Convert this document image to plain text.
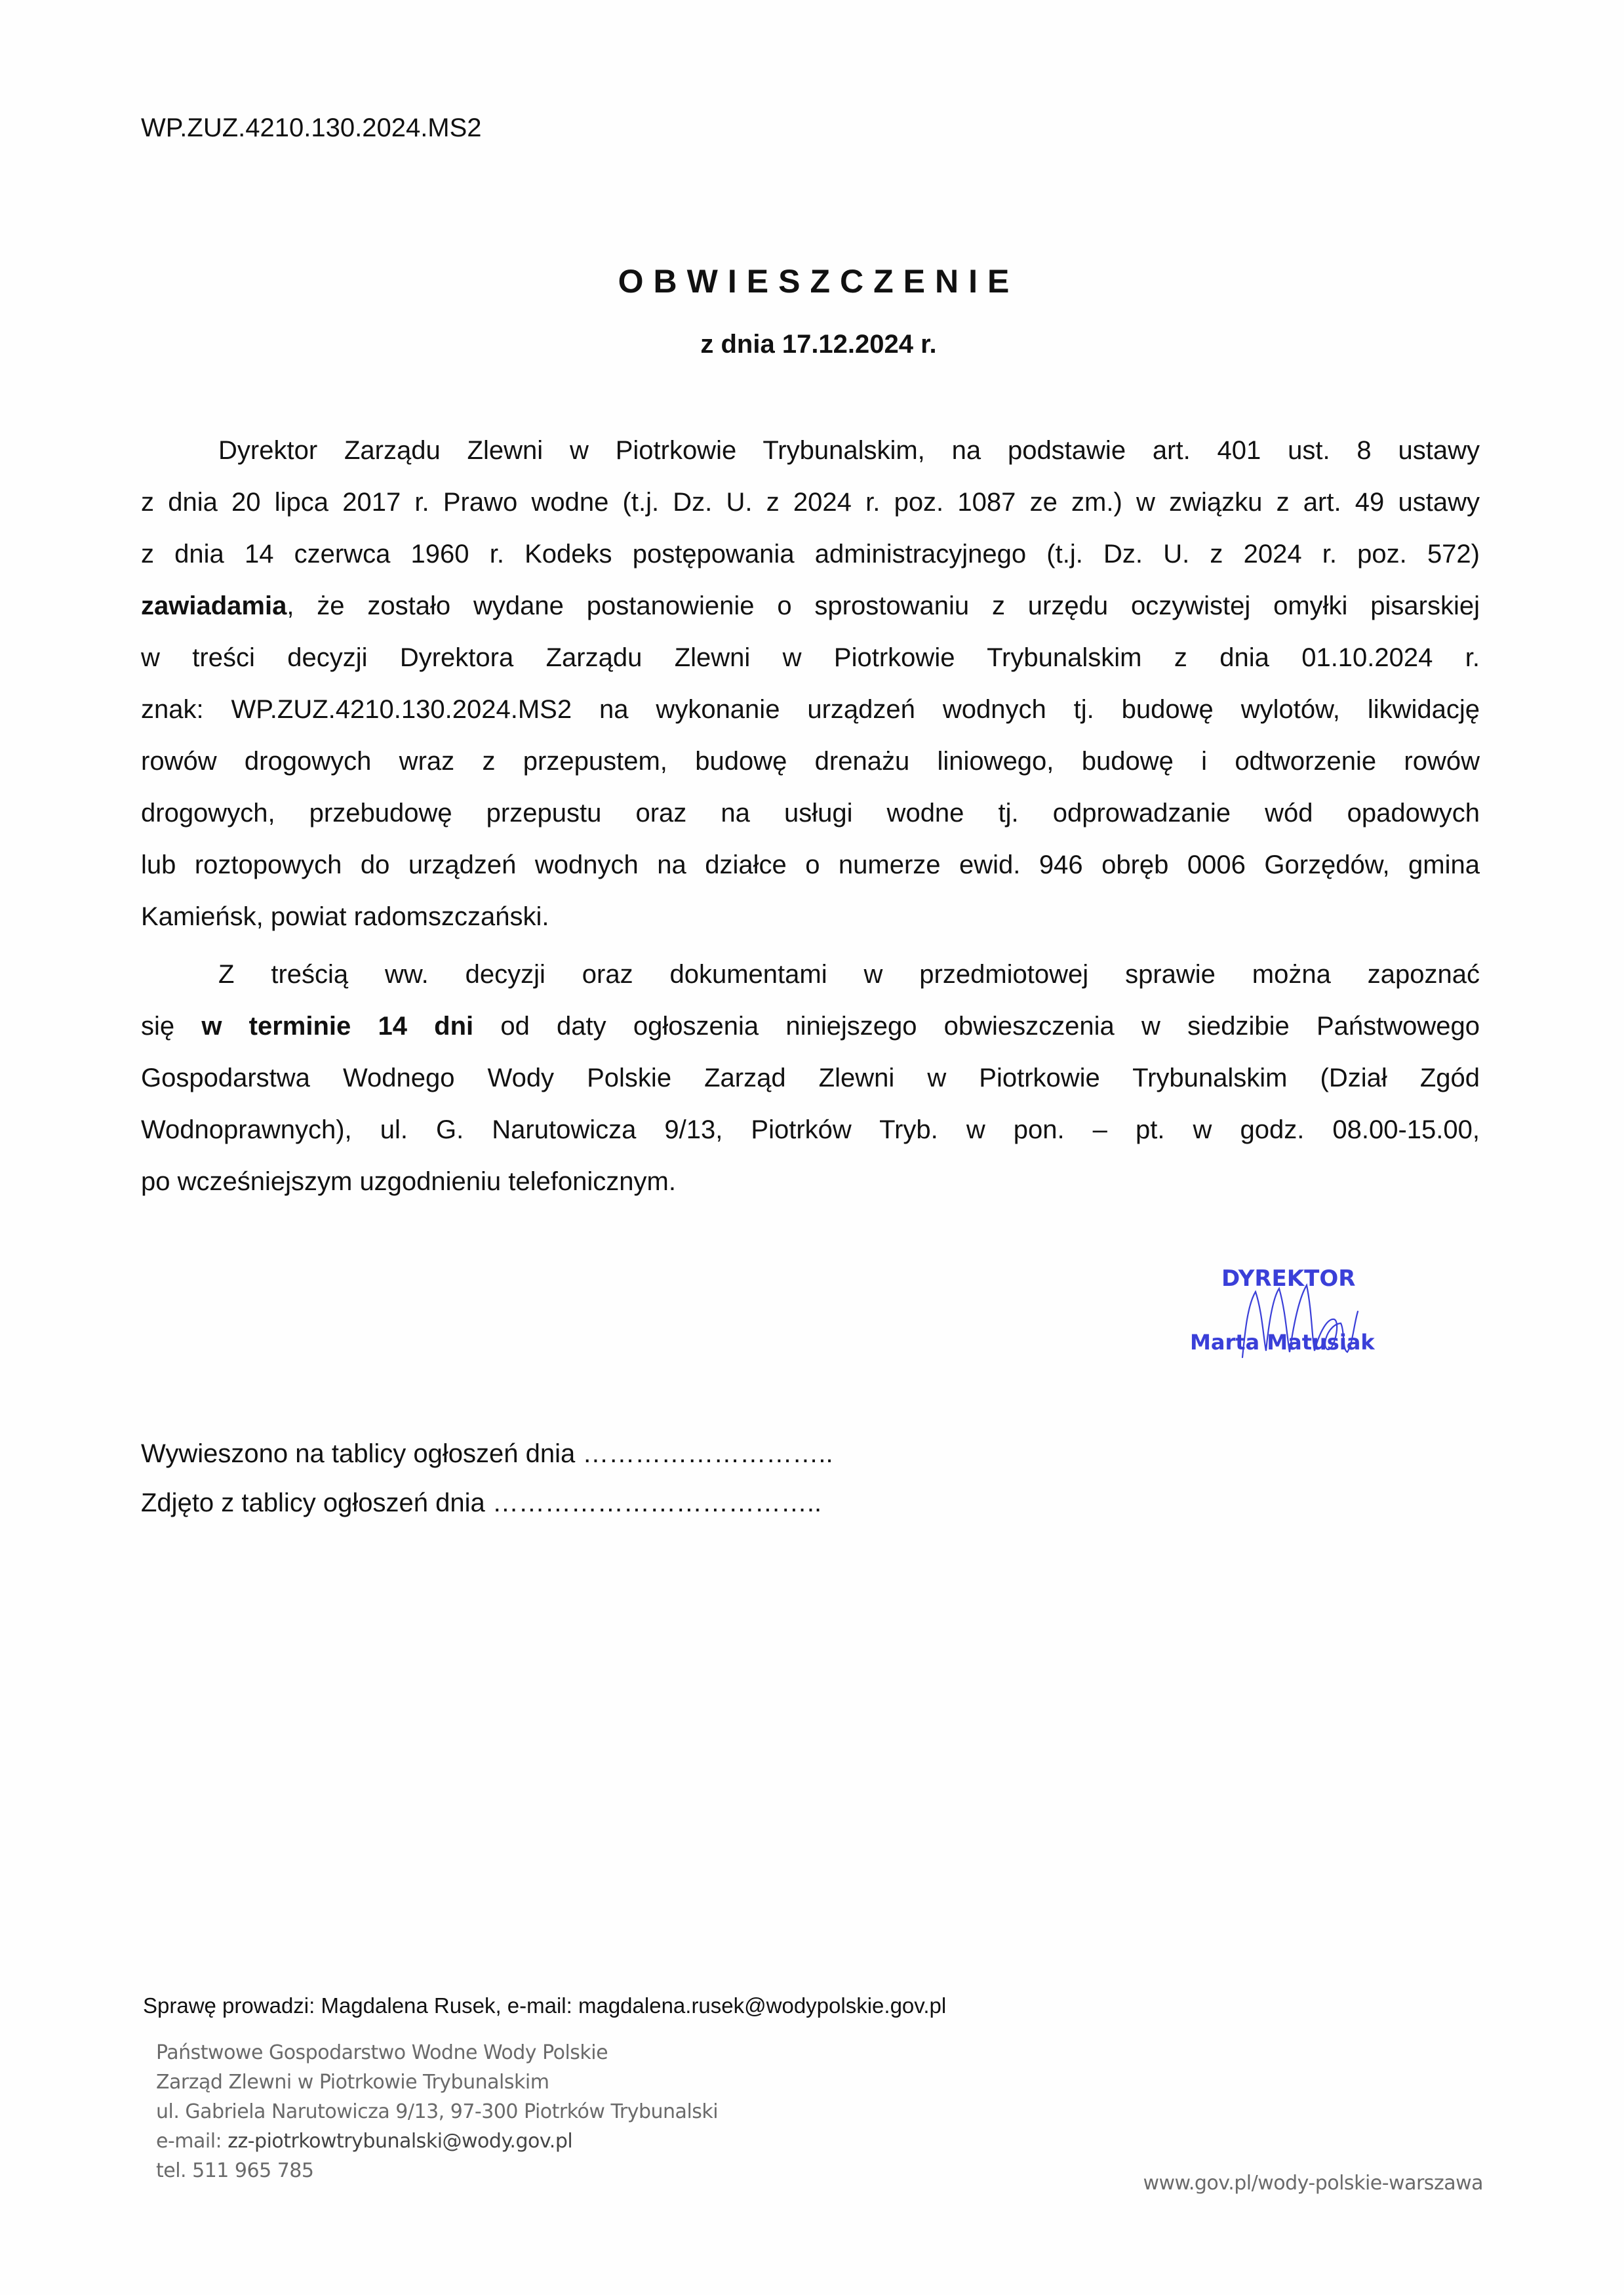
WP.ZUZ.4210.130.2024.MS2
OBWIESZCZENIE
z dnia 17.12.2024 r.
Dyrektor Zarządu Zlewni w Piotrkowie Trybunalskim, na podstawie art. 401 ust. 8 ustawy
z dnia 20 lipca 2017 r. Prawo wodne (t.j. Dz. U. z 2024 r. poz. 1087 ze zm.) w związku z art. 49 ustawy
z dnia 14 czerwca 1960 r. Kodeks postępowania administracyjnego (t.j. Dz. U. z 2024 r. poz. 572)
zawiadamia, że zostało wydane postanowienie o sprostowaniu z urzędu oczywistej omyłki pisarskiej
w treści decyzji Dyrektora Zarządu Zlewni w Piotrkowie Trybunalskim z dnia 01.10.2024 r.
znak: WP.ZUZ.4210.130.2024.MS2 na wykonanie urządzeń wodnych tj. budowę wylotów, likwidację
rowów drogowych wraz z przepustem, budowę drenażu liniowego, budowę i odtworzenie rowów
drogowych, przebudowę przepustu oraz na usługi wodne tj. odprowadzanie wód opadowych
lub roztopowych do urządzeń wodnych na działce o numerze ewid. 946 obręb 0006 Gorzędów, gmina
Kamieńsk, powiat radomszczański.
Z treścią ww. decyzji oraz dokumentami w przedmiotowej sprawie można zapoznać
się w terminie 14 dni od daty ogłoszenia niniejszego obwieszczenia w siedzibie Państwowego
Gospodarstwa Wodnego Wody Polskie Zarząd Zlewni w Piotrkowie Trybunalskim (Dział Zgód
Wodnoprawnych), ul. G. Narutowicza 9/13, Piotrków Tryb. w pon. – pt. w godz. 08.00-15.00,
po wcześniejszym uzgodnieniu telefonicznym.
DYREKTOR
Marta Matusiak
Wywieszono na tablicy ogłoszeń dnia ………………………..
Zdjęto z tablicy ogłoszeń dnia ………………………………..
Sprawę prowadzi: Magdalena Rusek, e-mail: magdalena.rusek@wodypolskie.gov.pl
Państwowe Gospodarstwo Wodne Wody Polskie
Zarząd Zlewni w Piotrkowie Trybunalskim
ul. Gabriela Narutowicza 9/13, 97-300 Piotrków Trybunalski
e-mail: zz-piotrkowtrybunalski@wody.gov.pl
tel. 511 965 785
www.gov.pl/wody-polskie-warszawa
